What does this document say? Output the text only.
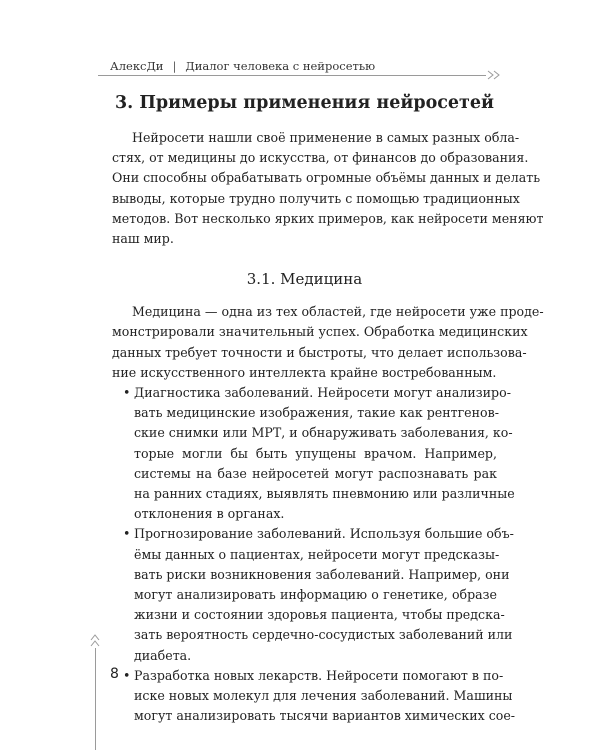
АлексДи | Диалог человека с нейросетью
8
3. Примеры применения нейросетей
Нейросети нашли своё применение в самых разных обла-
стях, от медицины до искусства, от финансов до образования.
Они способны обрабатывать огромные объёмы данных и делать
выводы, которые трудно получить с помощью традиционных
методов. Вот несколько ярких примеров, как нейросети меняют
наш мир.
3.1. Медицина
Медицина — одна из тех областей, где нейросети уже продe-
монстрировали значительный успех. Обработка медицинских
данных требует точности и быстроты, что делает использова-
ние искусственного интеллекта крайне востребованным.
• Диагностика заболеваний. Нейросети могут анализиро-
вать медицинские изображения, такие как рентгенов-
ские снимки или МРТ, и обнаруживать заболевания, ко-
торые могли бы быть упущены врачом. Например,
системы на базе нейросетей могут распознавать рак
на ранних стадиях, выявлять пневмонию или различные
отклонения в органах.
• Прогнозирование заболеваний. Используя большие объ-
ёмы данных о пациентах, нейросети могут предсказы-
вать риски возникновения заболеваний. Например, они
могут анализировать информацию о генетике, образе
жизни и состоянии здоровья пациента, чтобы предска-
зать вероятность сердечно-сосудистых заболеваний или
диабета.
• Разработка новых лекарств. Нейросети помогают в по-
иске новых молекул для лечения заболеваний. Машины
могут анализировать тысячи вариантов химических сое-
